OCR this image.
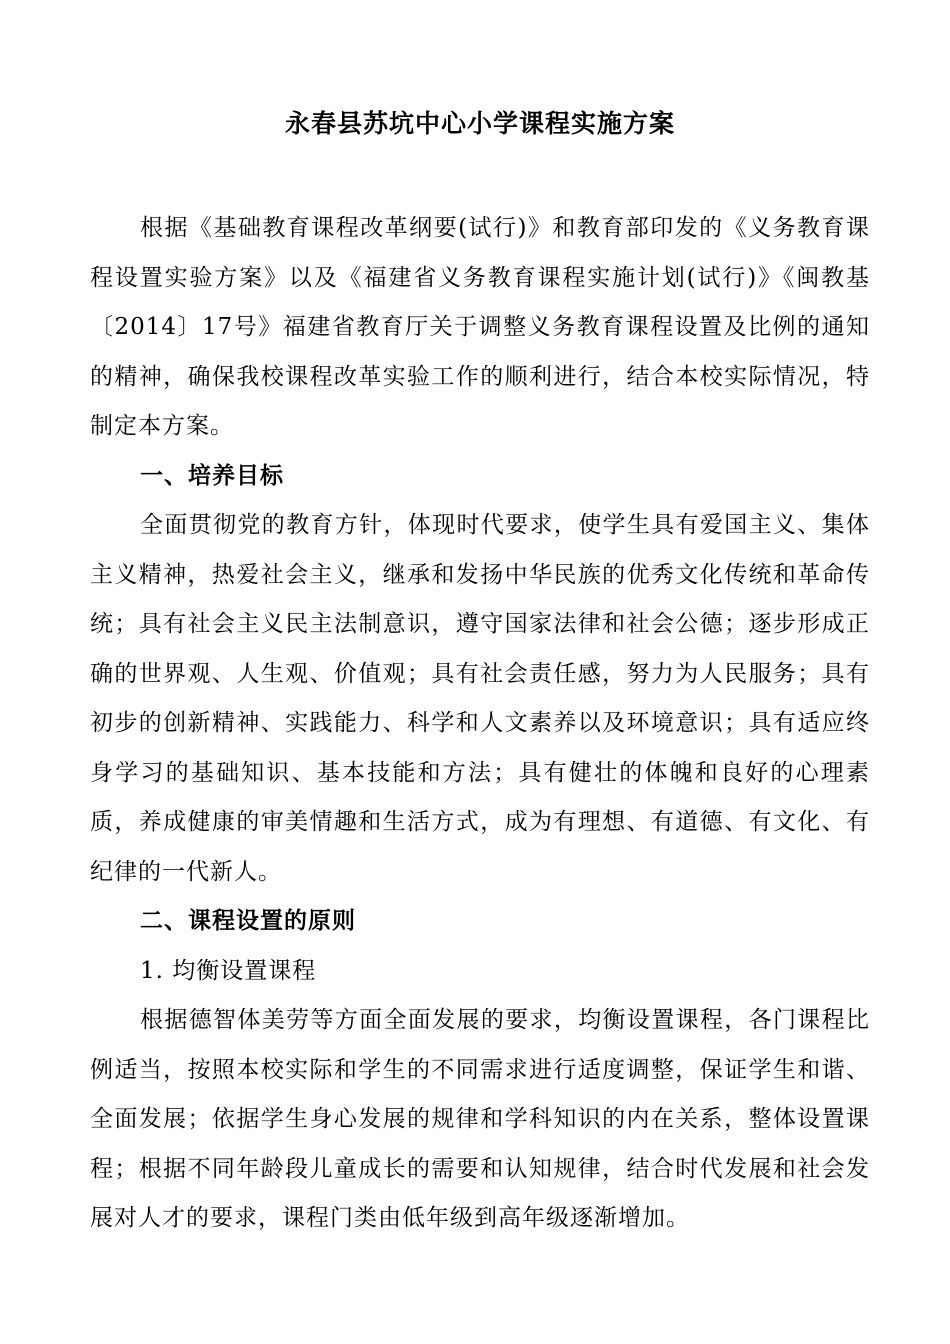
永春县苏坑中心小学课程实施方案

根据《基础教育课程改革纲要(试行)》和教育部印发的《义务教育课程设置实验方案》以及《福建省义务教育课程实施计划(试行)》《闽教基〔2014〕17号》福建省教育厅关于调整义务教育课程设置及比例的通知的精神，确保我校课程改革实验工作的顺利进行，结合本校实际情况，特制定本方案。

一、培养目标

全面贯彻党的教育方针，体现时代要求，使学生具有爱国主义、集体主义精神，热爱社会主义，继承和发扬中华民族的优秀文化传统和革命传统；具有社会主义民主法制意识，遵守国家法律和社会公德；逐步形成正确的世界观、人生观、价值观；具有社会责任感，努力为人民服务；具有初步的创新精神、实践能力、科学和人文素养以及环境意识；具有适应终身学习的基础知识、基本技能和方法；具有健壮的体魄和良好的心理素质，养成健康的审美情趣和生活方式，成为有理想、有道德、有文化、有纪律的一代新人。

二、课程设置的原则

1. 均衡设置课程

根据德智体美劳等方面全面发展的要求，均衡设置课程，各门课程比例适当，按照本校实际和学生的不同需求进行适度调整，保证学生和谐、全面发展；依据学生身心发展的规律和学科知识的内在关系，整体设置课程；根据不同年龄段儿童成长的需要和认知规律，结合时代发展和社会发展对人才的要求，课程门类由低年级到高年级逐渐增加。
